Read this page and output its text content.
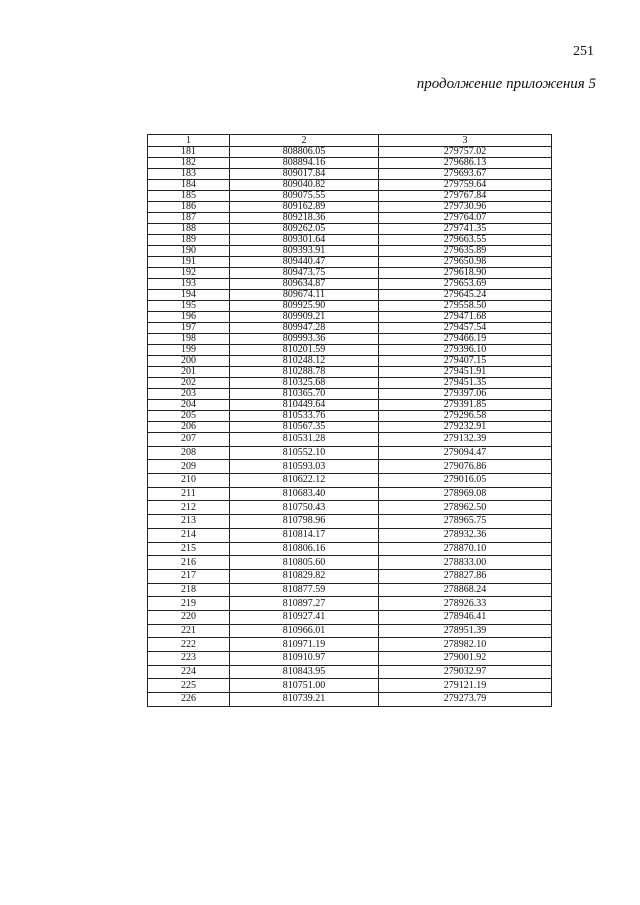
251
продолжение приложения 5
1	2	3
181	808806.05	279757.02
182	808894.16	279686.13
183	809017.84	279693.67
184	809040.82	279759.64
185	809075.55	279767.84
186	809162.89	279730.96
187	809218.36	279764.07
188	809262.05	279741.35
189	809301.64	279663.55
190	809393.91	279635.89
191	809440.47	279650.98
192	809473.75	279618.90
193	809634.87	279653.69
194	809674.11	279645.24
195	809925.90	279558.50
196	809909.21	279471.68
197	809947.28	279457.54
198	809993.36	279466.19
199	810201.59	279396.10
200	810248.12	279407.15
201	810288.78	279451.91
202	810325.68	279451.35
203	810365.70	279397.06
204	810449.64	279391.85
205	810533.76	279296.58
206	810567.35	279232.91
207	810531.28	279132.39
208	810552.10	279094.47
209	810593.03	279076.86
210	810622.12	279016.05
211	810683.40	278969.08
212	810750.43	278962.50
213	810798.96	278965.75
214	810814.17	278932.36
215	810806.16	278870.10
216	810805.60	278833.00
217	810829.82	278827.86
218	810877.59	278868.24
219	810897.27	278926.33
220	810927.41	278946.41
221	810966.01	278951.39
222	810971.19	278982.10
223	810910.97	279001.92
224	810843.95	279032.97
225	810751.00	279121.19
226	810739.21	279273.79
